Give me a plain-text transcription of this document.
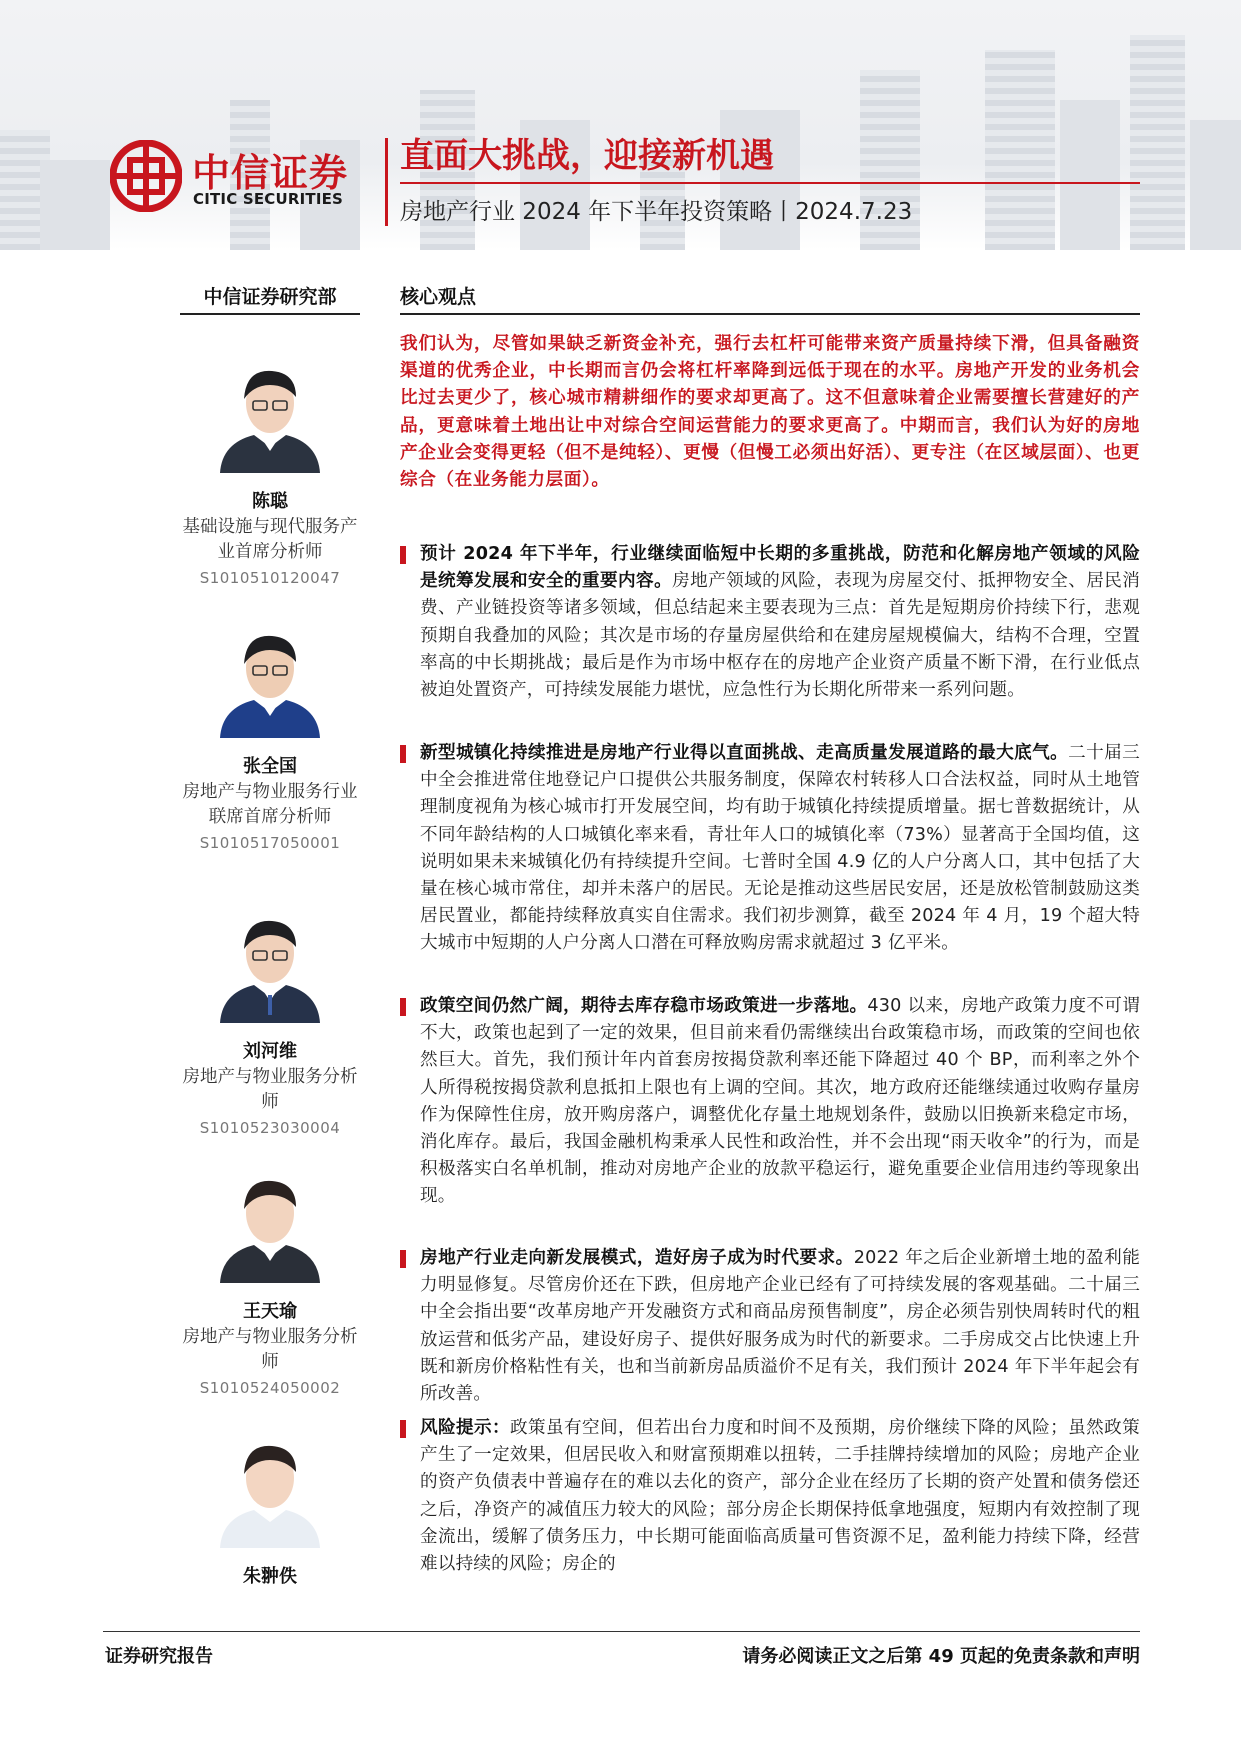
中信证券
CITIC SECURITIES
直面大挑战，迎接新机遇
房地产行业 2024 年下半年投资策略丨2024.7.23
中信证券研究部	核心观点
陈聪
基础设施与现代服务产业首席分析师
S1010510120047
张全国
房地产与物业服务行业联席首席分析师
S1010517050001
刘河维
房地产与物业服务分析师
S1010523030004
王天瑜
房地产与物业服务分析师
S1010524050002
朱翀佚
我们认为，尽管如果缺乏新资金补充，强行去杠杆可能带来资产质量持续下滑，但具备融资渠道的优秀企业，中长期而言仍会将杠杆率降到远低于现在的水平。房地产开发的业务机会比过去更少了，核心城市精耕细作的要求却更高了。这不但意味着企业需要擅长营建好的产品，更意味着土地出让中对综合空间运营能力的要求更高了。中期而言，我们认为好的房地产企业会变得更轻（但不是纯轻）、更慢（但慢工必须出好活）、更专注（在区域层面）、也更综合（在业务能力层面）。
预计 2024 年下半年，行业继续面临短中长期的多重挑战，防范和化解房地产领域的风险是统筹发展和安全的重要内容。房地产领域的风险，表现为房屋交付、抵押物安全、居民消费、产业链投资等诸多领域，但总结起来主要表现为三点：首先是短期房价持续下行，悲观预期自我叠加的风险；其次是市场的存量房屋供给和在建房屋规模偏大，结构不合理，空置率高的中长期挑战；最后是作为市场中枢存在的房地产企业资产质量不断下滑，在行业低点被迫处置资产，可持续发展能力堪忧，应急性行为长期化所带来一系列问题。
新型城镇化持续推进是房地产行业得以直面挑战、走高质量发展道路的最大底气。二十届三中全会推进常住地登记户口提供公共服务制度，保障农村转移人口合法权益，同时从土地管理制度视角为核心城市打开发展空间，均有助于城镇化持续提质增量。据七普数据统计，从不同年龄结构的人口城镇化率来看，青壮年人口的城镇化率（73%）显著高于全国均值，这说明如果未来城镇化仍有持续提升空间。七普时全国 4.9 亿的人户分离人口，其中包括了大量在核心城市常住，却并未落户的居民。无论是推动这些居民安居，还是放松管制鼓励这类居民置业，都能持续释放真实自住需求。我们初步测算，截至 2024 年 4 月，19 个超大特大城市中短期的人户分离人口潜在可释放购房需求就超过 3 亿平米。
政策空间仍然广阔，期待去库存稳市场政策进一步落地。430 以来，房地产政策力度不可谓不大，政策也起到了一定的效果，但目前来看仍需继续出台政策稳市场，而政策的空间也依然巨大。首先，我们预计年内首套房按揭贷款利率还能下降超过 40 个 BP，而利率之外个人所得税按揭贷款利息抵扣上限也有上调的空间。其次，地方政府还能继续通过收购存量房作为保障性住房，放开购房落户，调整优化存量土地规划条件，鼓励以旧换新来稳定市场，消化库存。最后，我国金融机构秉承人民性和政治性，并不会出现“雨天收伞”的行为，而是积极落实白名单机制，推动对房地产企业的放款平稳运行，避免重要企业信用违约等现象出现。
房地产行业走向新发展模式，造好房子成为时代要求。2022 年之后企业新增土地的盈利能力明显修复。尽管房价还在下跌，但房地产企业已经有了可持续发展的客观基础。二十届三中全会指出要“改革房地产开发融资方式和商品房预售制度”，房企必须告别快周转时代的粗放运营和低劣产品，建设好房子、提供好服务成为时代的新要求。二手房成交占比快速上升既和新房价格粘性有关，也和当前新房品质溢价不足有关，我们预计 2024 年下半年起会有所改善。
风险提示：政策虽有空间，但若出台力度和时间不及预期，房价继续下降的风险；虽然政策产生了一定效果，但居民收入和财富预期难以扭转，二手挂牌持续增加的风险；房地产企业的资产负债表中普遍存在的难以去化的资产，部分企业在经历了长期的资产处置和债务偿还之后，净资产的减值压力较大的风险；部分房企长期保持低拿地强度，短期内有效控制了现金流出，缓解了债务压力，中长期可能面临高质量可售资源不足，盈利能力持续下降，经营难以持续的风险；房企的
证券研究报告	请务必阅读正文之后第 49 页起的免责条款和声明
